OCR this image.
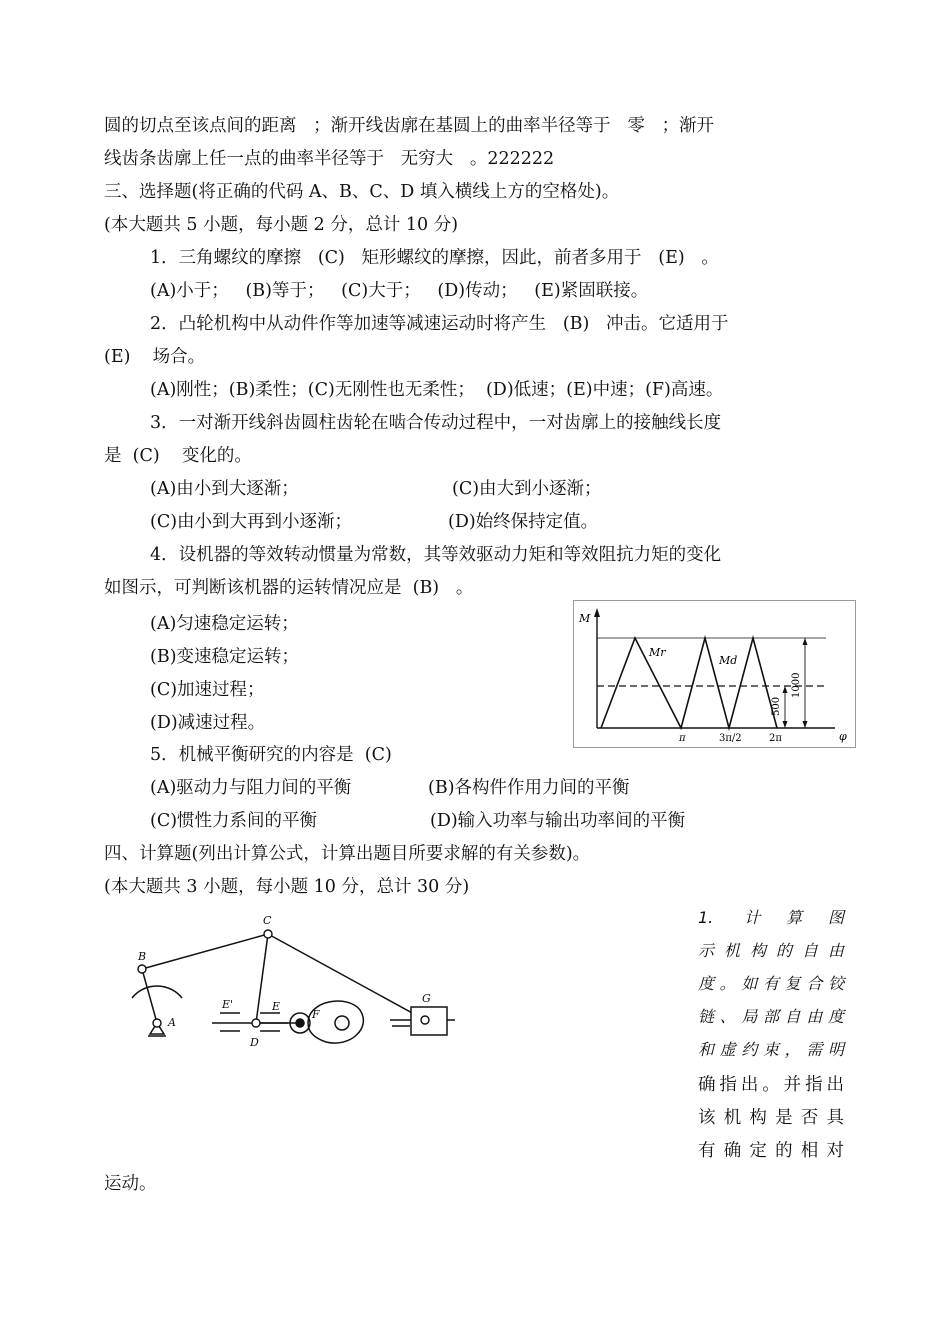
圆的切点至该点间的距离   ；渐开线齿廓在基圆上的曲率半径等于   零   ；渐开
线齿条齿廓上任一点的曲率半径等于   无穷大   。222222
三、选择题(将正确的代码 A、B、C、D 填入横线上方的空格处)。
(本大题共 5 小题，每小题 2 分，总计 10 分)
1．三角螺纹的摩擦   (C)   矩形螺纹的摩擦，因此，前者多用于   (E)   。
(A)小于；   (B)等于；   (C)大于；   (D)传动；   (E)紧固联接。
2．凸轮机构中从动件作等加速等减速运动时将产生   (B)   冲击。它适用于
(E)    场合。
(A)刚性；(B)柔性；(C)无刚性也无柔性；  (D)低速；(E)中速；(F)高速。
3．一对渐开线斜齿圆柱齿轮在啮合传动过程中，一对齿廓上的接触线长度
是  (C)    变化的。
(A)由小到大逐渐；	(C)由大到小逐渐；
(C)由小到大再到小逐渐；	(D)始终保持定值。
4．设机器的等效转动惯量为常数，其等效驱动力矩和等效阻抗力矩的变化
如图示，可判断该机器的运转情况应是  (B)   。
(A)匀速稳定运转；
(B)变速稳定运转；
(C)加速过程；
(D)减速过程。
5．机械平衡研究的内容是  (C)
(A)驱动力与阻力间的平衡	(B)各构件作用力间的平衡
(C)惯性力系间的平衡	(D)输入功率与输出功率间的平衡
四、计算题(列出计算公式，计算出题目所要求解的有关参数)。
(本大题共 3 小题，每小题 10 分，总计 30 分)
1. 计算图
示机构的自由
度。如有复合铰
链、局部自由度
和虚约束，需明
确指出。并指出
该机构是否具
有确定的相对
运动。
M
φ
Mr
Md
1000
500
π	3π/2	2π
A
B
C
D
E
E'
F
G
